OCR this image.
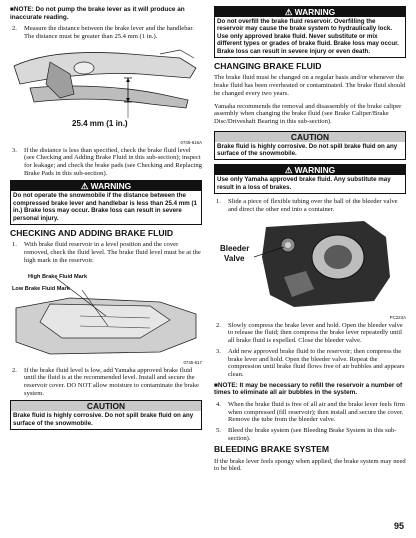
■NOTE: Do not pump the brake lever as it will produce an inaccurate reading.

2.	Measure the distance between the brake lever and the handlebar. The distance must be greater than 25.4 mm (1 in.).
25.4 mm (1 in.)
0745-616A
3.	If the distance is less than specified, check the brake fluid level (see Checking and Adding Brake Fluid in this sub-section); inspect for leakage; and check the brake pads (see Checking and Replacing Brake Pads in this sub-section).
⚠ WARNING
Do not operate the snowmobile if the distance between the compressed brake lever and handlebar is less than 25.4 mm (1 in.) Brake loss may occur. Brake loss can result in severe personal injury.
CHECKING AND ADDING BRAKE FLUID
1.	With brake fluid reservoir in a level position and the cover removed, check the fluid level. The brake fluid level must be at the high mark in the reservoir.
High Brake Fluid Mark
Low Brake Fluid Mark
0745-617
2.	If the brake fluid level is low, add Yamaha approved brake fluid until the fluid is at the recommended level. Install and secure the reservoir cover. DO NOT allow moisture to contaminate the brake system.
CAUTION
Brake fluid is highly corrosive. Do not spill brake fluid on any surface of the snowmobile.
⚠ WARNING
Do not overfill the brake fluid reservoir. Overfilling the reservoir may cause the brake system to hydraulically lock. Use only approved brake fluid. Never substitute or mix different types or grades of brake fluid. Brake loss may occur. Brake loss can result in severe injury or even death.
CHANGING BRAKE FLUID

The brake fluid must be changed on a regular basis and/or whenever the brake fluid has been overheated or contaminated. The brake fluid should be changed every two years.

Yamaha recommends the removal and disassembly of the brake caliper assembly when changing the brake fluid (see Brake Caliper/Brake Disc/Driveshaft Bearing in this sub-section).

CAUTION
Brake fluid is highly corrosive. Do not spill brake fluid on any surface of the snowmobile.
⚠ WARNING
Use only Yamaha approved brake fluid. Any substitute may result in a loss of brakes.
1.	Slide a piece of flexible tubing over the ball of the bleeder valve and direct the other end into a container.
Bleeder
Valve
PC223A
2.	Slowly compress the brake lever and hold. Open the bleeder valve to release the fluid; then compress the brake lever repeatedly until all brake fluid is expelled. Close the bleeder valve.
3.	Add new approved brake fluid to the reservoir; then compress the brake lever and hold. Open the bleeder valve. Repeat the compression until brake fluid flows free of air bubbles and appears clean.

■NOTE: It may be necessary to refill the reservoir a number of times to eliminate all air bubbles in the system.

4.	When the brake fluid is free of all air and the brake lever feels firm when compressed (fill reservoir); then install and secure the cover. Remove the tube from the bleeder valve.
5.	Bleed the brake system (see Bleeding Brake System in this sub-section).
BLEEDING BRAKE SYSTEM

If the brake lever feels spongy when applied, the brake system may need to be bled.

95
